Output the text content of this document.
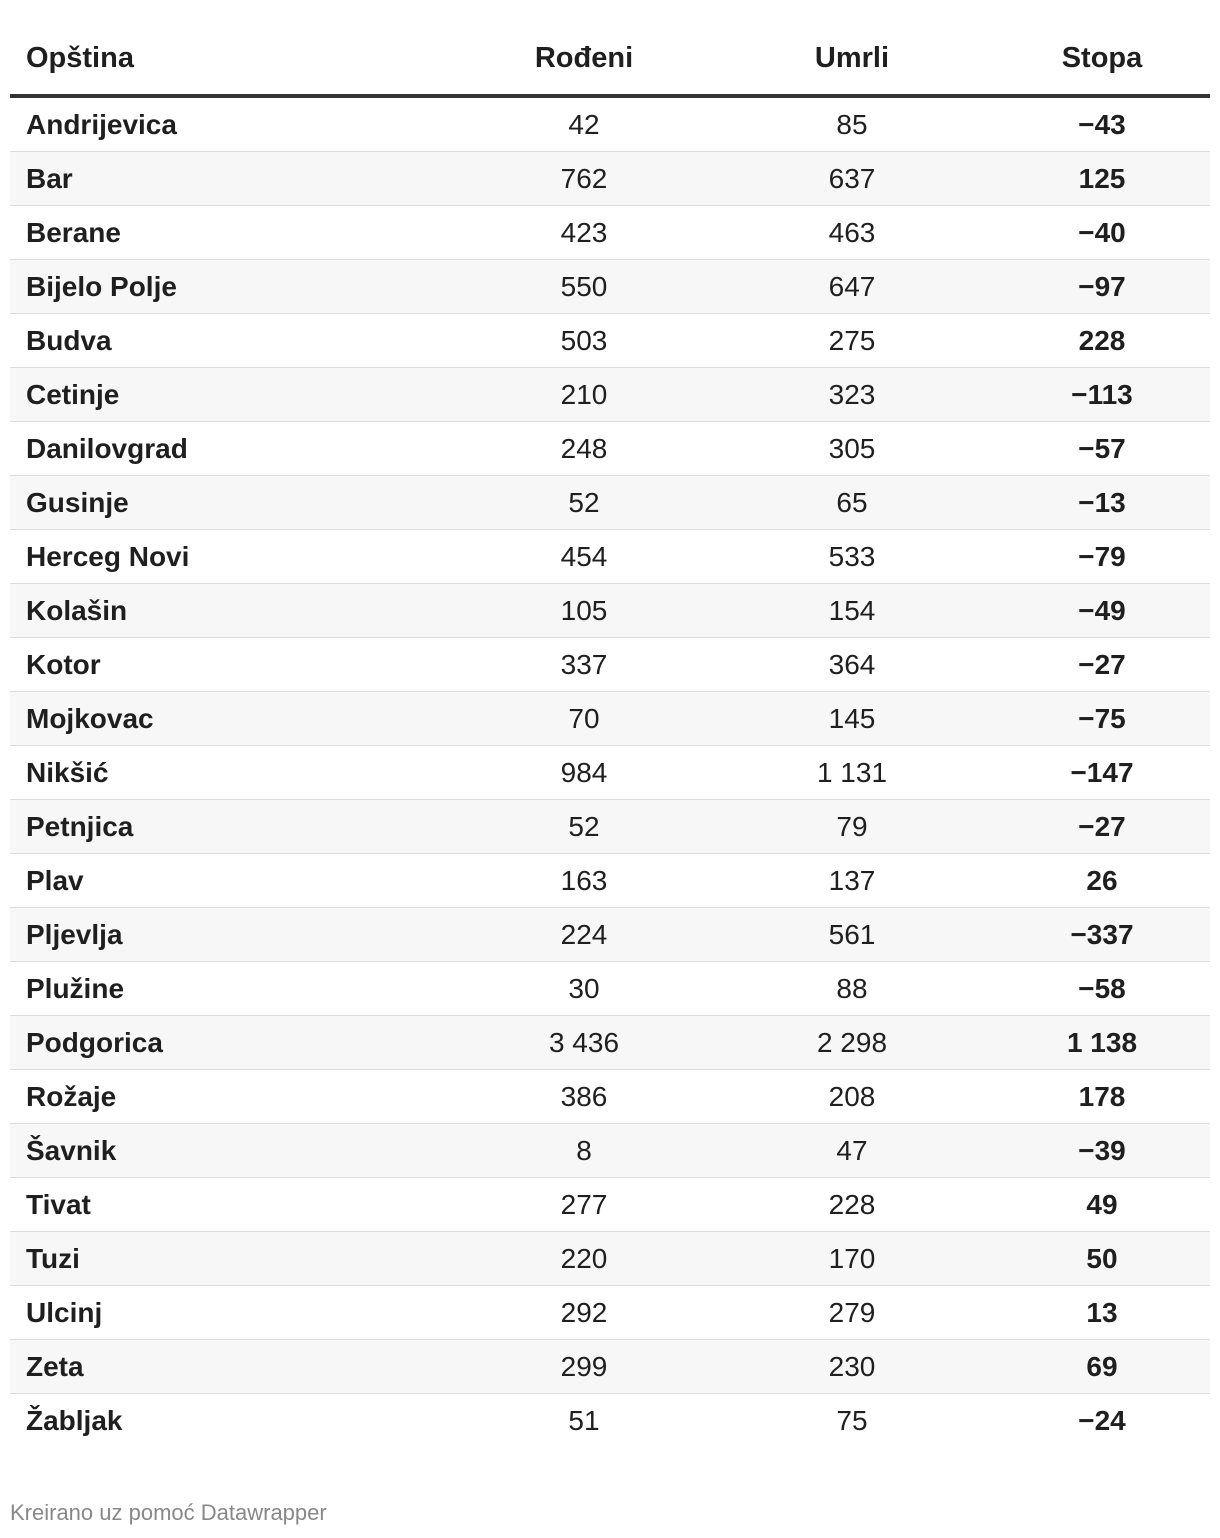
Opština	Rođeni	Umrli	Stopa
Andrijevica	42	85	−43
Bar	762	637	125
Berane	423	463	−40
Bijelo Polje	550	647	−97
Budva	503	275	228
Cetinje	210	323	−113
Danilovgrad	248	305	−57
Gusinje	52	65	−13
Herceg Novi	454	533	−79
Kolašin	105	154	−49
Kotor	337	364	−27
Mojkovac	70	145	−75
Nikšić	984	1 131	−147
Petnjica	52	79	−27
Plav	163	137	26
Pljevlja	224	561	−337
Plužine	30	88	−58
Podgorica	3 436	2 298	1 138
Rožaje	386	208	178
Šavnik	8	47	−39
Tivat	277	228	49
Tuzi	220	170	50
Ulcinj	292	279	13
Zeta	299	230	69
Žabljak	51	75	−24
Kreirano uz pomoć Datawrapper
